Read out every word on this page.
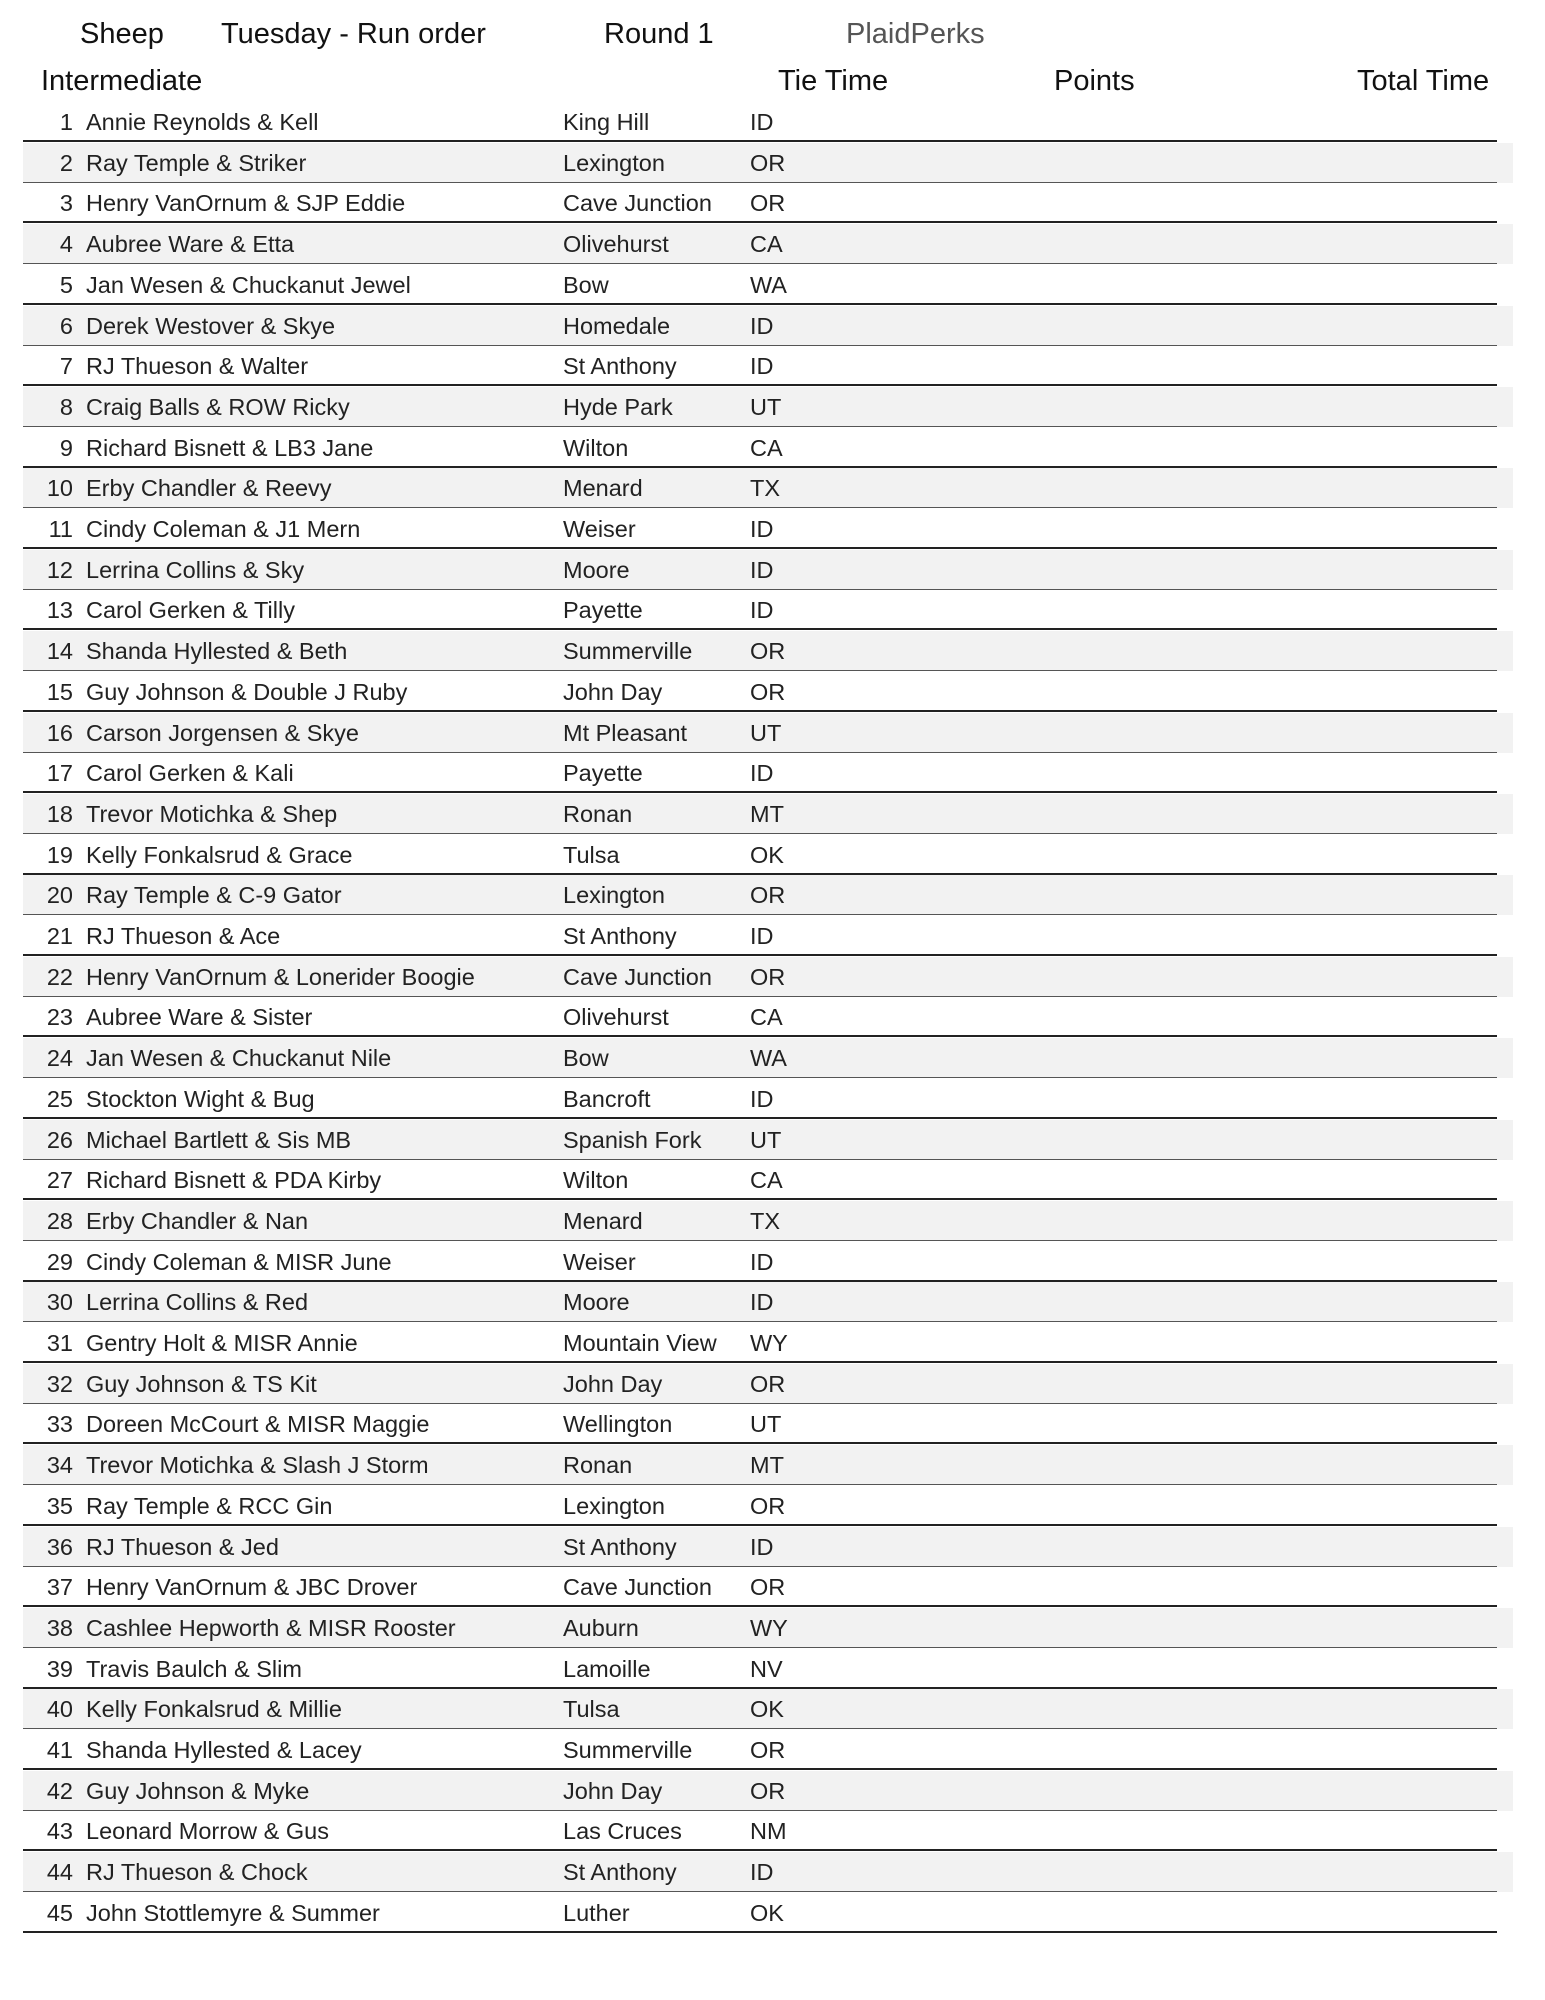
Sheep Tuesday - Run order	Round 1	PlaidPerks
Intermediate	Tie Time	Points	Total Time
1 Annie Reynolds & Kell	King Hill	ID
2 Ray Temple & Striker	Lexington	OR
3 Henry VanOrnum & SJP Eddie	Cave Junction OR
4 Aubree Ware & Etta	Olivehurst	CA
5 Jan Wesen & Chuckanut Jewel	Bow	WA
6 Derek Westover & Skye	Homedale	ID
7 RJ Thueson & Walter	St Anthony	ID
8 Craig Balls & ROW Ricky	Hyde Park	UT
9 Richard Bisnett & LB3 Jane	Wilton	CA
10 Erby Chandler & Reevy	Menard	TX
11 Cindy Coleman & J1 Mern	Weiser	ID
12 Lerrina Collins & Sky	Moore	ID
13 Carol Gerken & Tilly	Payette	ID
14 Shanda Hyllested & Beth	Summerville OR
15 Guy Johnson & Double J Ruby	John Day	OR
16 Carson Jorgensen & Skye	Mt Pleasant	UT
17 Carol Gerken & Kali	Payette	ID
18 Trevor Motichka & Shep	Ronan	MT
19 Kelly Fonkalsrud & Grace	Tulsa	OK
20 Ray Temple & C-9 Gator	Lexington	OR
21 RJ Thueson & Ace	St Anthony	ID
22 Henry VanOrnum & Lonerider Boogie	Cave Junction OR
23 Aubree Ware & Sister	Olivehurst	CA
24 Jan Wesen & Chuckanut Nile	Bow	WA
25 Stockton Wight & Bug	Bancroft	ID
26 Michael Bartlett & Sis MB	Spanish Fork UT
27 Richard Bisnett & PDA Kirby	Wilton	CA
28 Erby Chandler & Nan	Menard	TX
29 Cindy Coleman & MISR June	Weiser	ID
30 Lerrina Collins & Red	Moore	ID
31 Gentry Holt & MISR Annie	Mountain View WY
32 Guy Johnson & TS Kit	John Day	OR
33 Doreen McCourt & MISR Maggie	Wellington	UT
34 Trevor Motichka & Slash J Storm	Ronan	MT
35 Ray Temple & RCC Gin	Lexington	OR
36 RJ Thueson & Jed	St Anthony	ID
37 Henry VanOrnum & JBC Drover	Cave Junction OR
38 Cashlee Hepworth & MISR Rooster	Auburn	WY
39 Travis Baulch & Slim	Lamoille	NV
40 Kelly Fonkalsrud & Millie	Tulsa	OK
41 Shanda Hyllested & Lacey	Summerville OR
42 Guy Johnson & Myke	John Day	OR
43 Leonard Morrow & Gus	Las Cruces	NM
44 RJ Thueson & Chock	St Anthony	ID
45 John Stottlemyre & Summer	Luther	OK
